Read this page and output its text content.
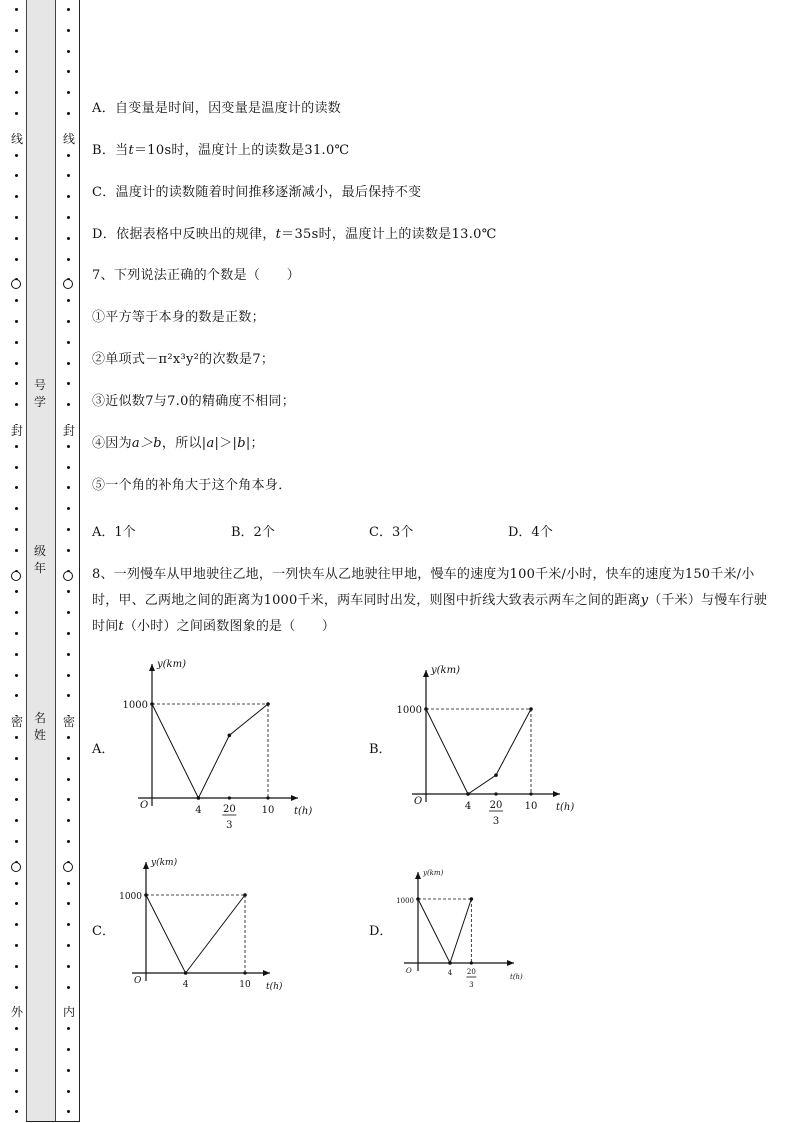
线
封
密
外
线
封
密
内
号学
级年
名姓
A．自变量是时间，因变量是温度计的读数
B．当t＝10s时，温度计上的读数是31.0℃
C．温度计的读数随着时间推移逐渐减小，最后保持不变
D．依据表格中反映出的规律，t＝35s时，温度计上的读数是13.0℃
7、下列说法正确的个数是（　　）
①平方等于本身的数是正数；
②单项式－π²x³y²的次数是7；
③近似数7与7.0的精确度不相同；
④因为a＞b，所以|a|＞|b|；
⑤一个角的补角大于这个角本身．
A．1个	B．2个	C．3个	D．4个
8、一列慢车从甲地驶往乙地，一列快车从乙地驶往甲地，慢车的速度为100千米/小时，快车的速度为150千米/小时，甲、乙两地之间的距离为1000千米，两车同时出发，则图中折线大致表示两车之间的距离y（千米）与慢车行驶时间t（小时）之间函数图象的是（　　）
A．	B．
C．	D．
y(km)
t(h)
O
1000
4 20
3
10
y(km)
t(h)
O
1000
4 20
3
10
y(km)
t(h)
O
1000
4	10
y(km)
t(h)
O
1000
4 20
3
